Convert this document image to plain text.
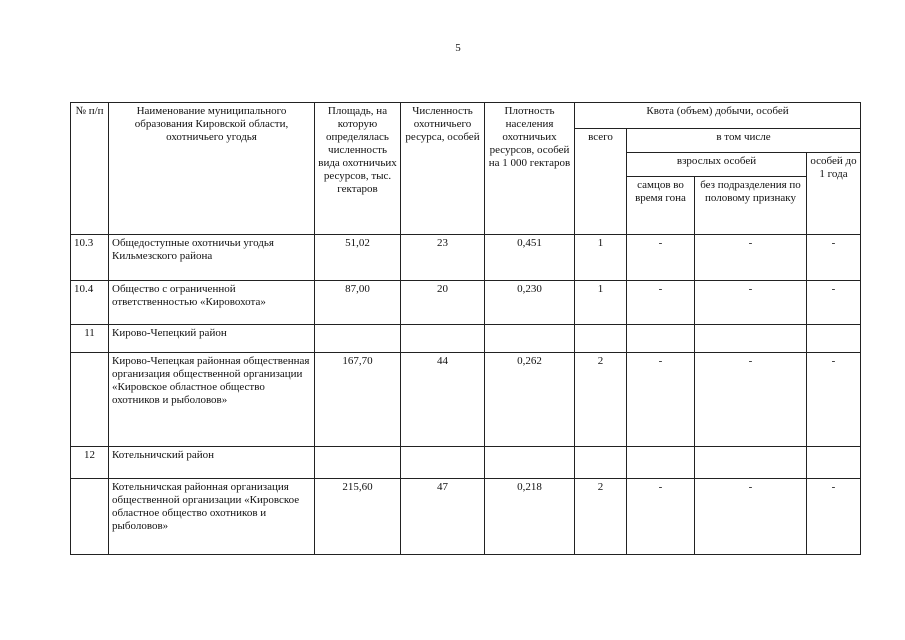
5
№ п/п	Наименование муниципального образования Кировской области, охотничьего угодья	Площадь, на которую определялась численность вида охотничьих ресурсов, тыс. гектаров	Численность охотничьего ресурса, особей	Плотность населения охотничьих ресурсов, особей на 1 000 гектаров	Квота (объем) добычи, особей			
					всего	в том числе		
						взрослых особей		особей до 1 года
						самцов во время гона	без подразделения по половому признаку	
10.3	Общедоступные охотничьи угодья Кильмезского района	51,02	23	0,451	1	-	-	-
10.4	Общество с ограниченной ответственностью «Кировохота»	87,00	20	0,230	1	-	-	-
11	Кирово-Чепецкий район							
	Кирово-Чепецкая районная общественная организация общественной организации «Кировское областное общество охотников и рыболовов»	167,70	44	0,262	2	-	-	-
12	Котельничский район							
	Котельничская районная организация общественной организации «Кировское областное общество охотников и рыболовов»	215,60	47	0,218	2	-	-	-
